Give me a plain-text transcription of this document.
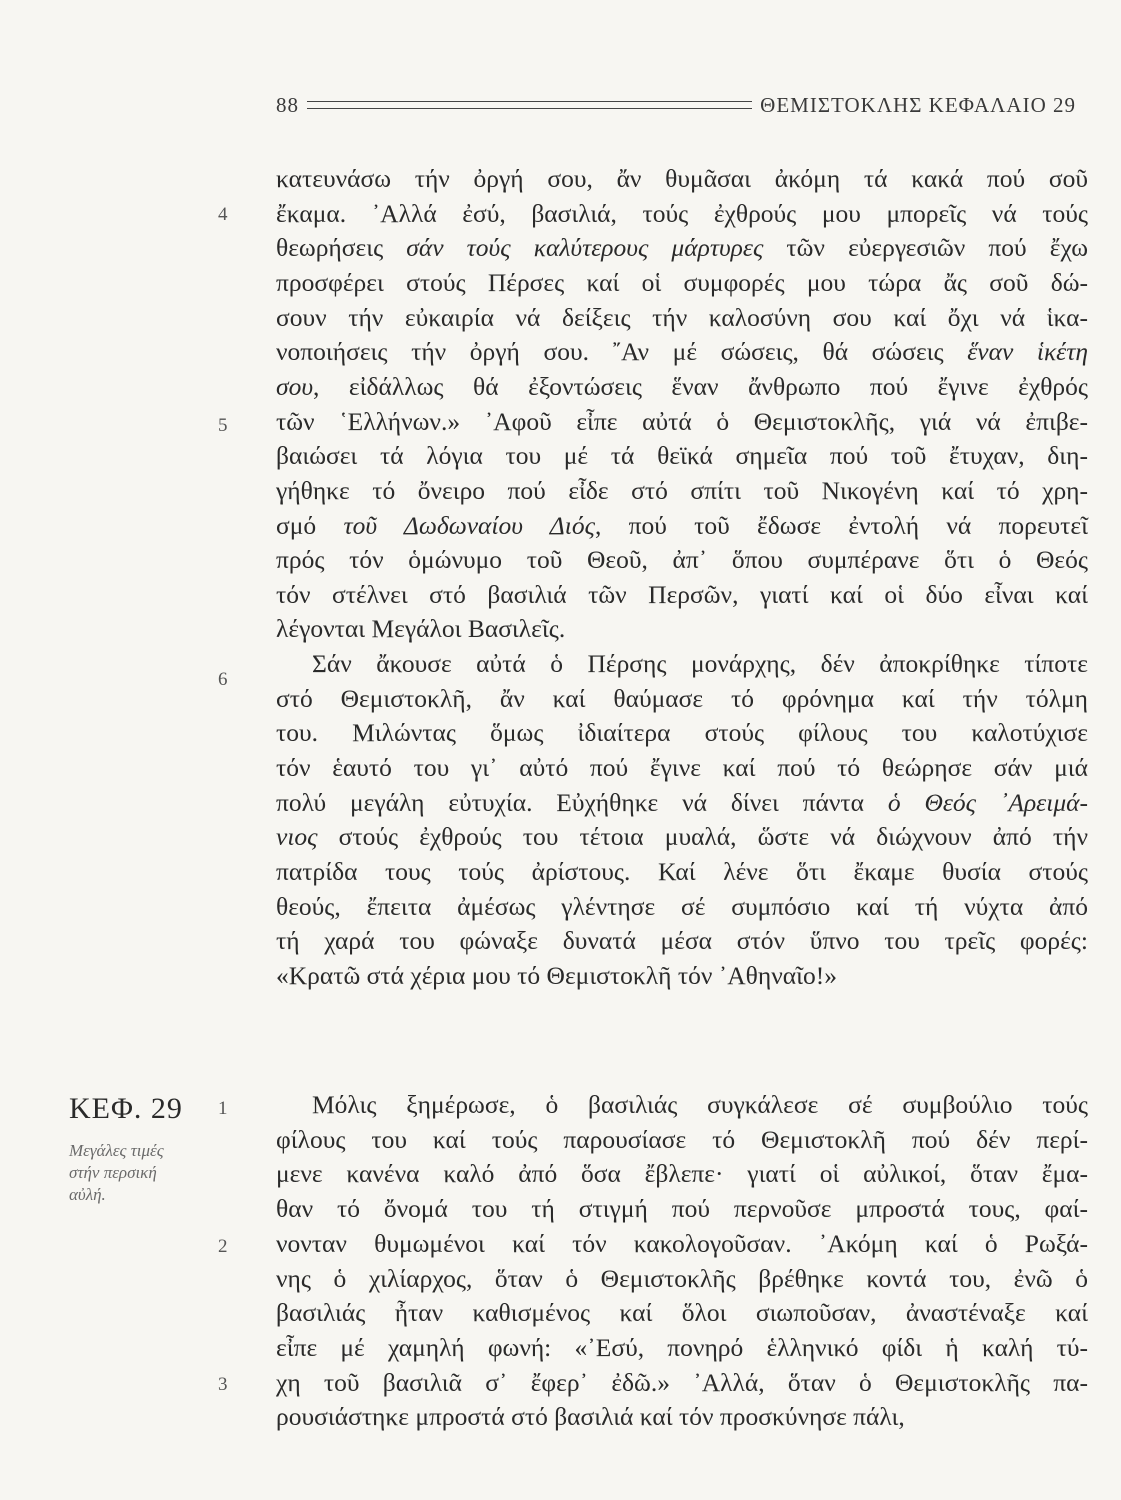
88	ΘΕΜΙΣΤΟΚΛΗΣ ΚΕΦΑΛΑΙΟ 29
4
5
6
1
2
3
ΚΕΦ. 29
Μεγάλες τιμές
στήν περσική
αὐλή.
κατευνάσω τήν ὀργή σου, ἄν θυμᾶσαι ἀκόμη τά κακά πού σοῦ
ἔκαμα. ᾿Αλλά ἐσύ, βασιλιά, τούς ἐχθρούς μου μπορεῖς νά τούς
θεωρήσεις σάν τούς καλύτερους μάρτυρες τῶν εὐεργεσιῶν πού ἔχω
προσφέρει στούς Πέρσες καί οἱ συμφορές μου τώρα ἄς σοῦ δώ-
σουν τήν εὐκαιρία νά δείξεις τήν καλοσύνη σου καί ὄχι νά ἱκα-
νοποιήσεις τήν ὀργή σου. ῎Αν μέ σώσεις, θά σώσεις ἕναν ἱκέτη
σου, εἰδάλλως θά ἐξοντώσεις ἕναν ἄνθρωπο πού ἔγινε ἐχθρός
τῶν ῾Ελλήνων.» ᾿Αφοῦ εἶπε αὐτά ὁ Θεμιστοκλῆς, γιά νά ἐπιβε-
βαιώσει τά λόγια του μέ τά θεϊκά σημεῖα πού τοῦ ἔτυχαν, διη-
γήθηκε τό ὄνειρο πού εἶδε στό σπίτι τοῦ Νικογένη καί τό χρη-
σμό τοῦ Δωδωναίου Διός, πού τοῦ ἔδωσε ἐντολή νά πορευτεῖ
πρός τόν ὁμώνυμο τοῦ Θεοῦ, ἀπ᾿ ὅπου συμπέρανε ὅτι ὁ Θεός
τόν στέλνει στό βασιλιά τῶν Περσῶν, γιατί καί οἱ δύο εἶναι καί
λέγονται Μεγάλοι Βασιλεῖς.
Σάν ἄκουσε αὐτά ὁ Πέρσης μονάρχης, δέν ἀποκρίθηκε τίποτε
στό Θεμιστοκλῆ, ἄν καί θαύμασε τό φρόνημα καί τήν τόλμη
του. Μιλώντας ὅμως ἰδιαίτερα στούς φίλους του καλοτύχισε
τόν ἑαυτό του γι᾿ αὐτό πού ἔγινε καί πού τό θεώρησε σάν μιά
πολύ μεγάλη εὐτυχία. Εὐχήθηκε νά δίνει πάντα ὁ Θεός ᾿Αρειμά-
νιος στούς ἐχθρούς του τέτοια μυαλά, ὥστε νά διώχνουν ἀπό τήν
πατρίδα τους τούς ἀρίστους. Καί λένε ὅτι ἔκαμε θυσία στούς
θεούς, ἔπειτα ἀμέσως γλέντησε σέ συμπόσιο καί τή νύχτα ἀπό
τή χαρά του φώναξε δυνατά μέσα στόν ὕπνο του τρεῖς φορές:
«Κρατῶ στά χέρια μου τό Θεμιστοκλῆ τόν ᾿Αθηναῖο!»
Μόλις ξημέρωσε, ὁ βασιλιάς συγκάλεσε σέ συμβούλιο τούς
φίλους του καί τούς παρουσίασε τό Θεμιστοκλῆ πού δέν περί-
μενε κανένα καλό ἀπό ὅσα ἔβλεπε· γιατί οἱ αὐλικοί, ὅταν ἔμα-
θαν τό ὄνομά του τή στιγμή πού περνοῦσε μπροστά τους, φαί-
νονταν θυμωμένοι καί τόν κακολογοῦσαν. ᾿Ακόμη καί ὁ Ρωξά-
νης ὁ χιλίαρχος, ὅταν ὁ Θεμιστοκλῆς βρέθηκε κοντά του, ἐνῶ ὁ
βασιλιάς ἦταν καθισμένος καί ὅλοι σιωποῦσαν, ἀναστέναξε καί
εἶπε μέ χαμηλή φωνή: «᾿Εσύ, πονηρό ἑλληνικό φίδι ἡ καλή τύ-
χη τοῦ βασιλιᾶ σ᾿ ἔφερ᾿ ἐδῶ.» ᾿Αλλά, ὅταν ὁ Θεμιστοκλῆς πα-
ρουσιάστηκε μπροστά στό βασιλιά καί τόν προσκύνησε πάλι,
